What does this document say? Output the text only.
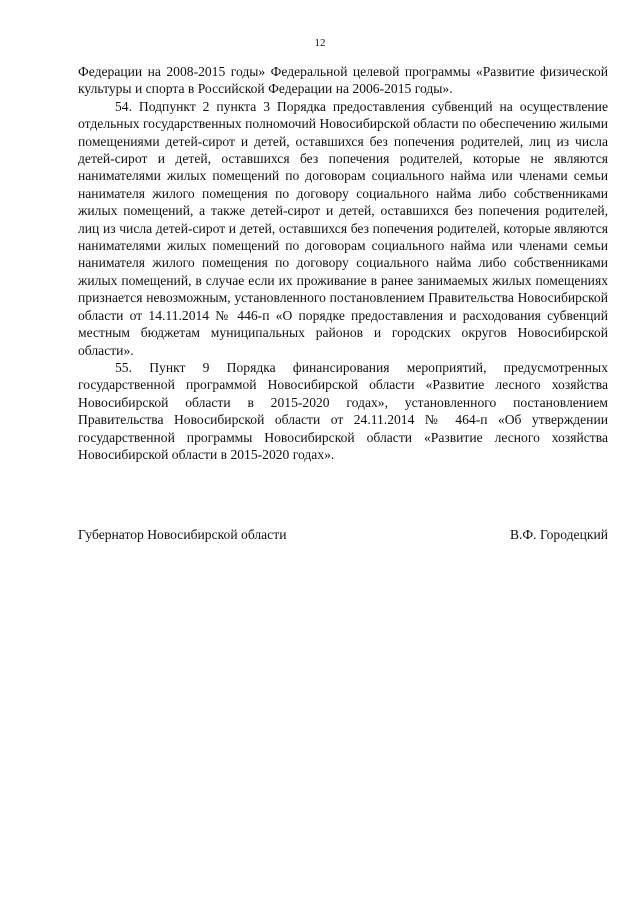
12

Федерации на 2008-2015 годы» Федеральной целевой программы «Развитие физической культуры и спорта в Российской Федерации на 2006-2015 годы».

54. Подпункт 2 пункта 3 Порядка предоставления субвенций на осуществление отдельных государственных полномочий Новосибирской области по обеспечению жилыми помещениями детей-сирот и детей, оставшихся без попечения родителей, лиц из числа детей-сирот и детей, оставшихся без попечения родителей, которые не являются нанимателями жилых помещений по договорам социального найма или членами семьи нанимателя жилого помещения по договору социального найма либо собственниками жилых помещений, а также детей-сирот и детей, оставшихся без попечения родителей, лиц из числа детей-сирот и детей, оставшихся без попечения родителей, которые являются нанимателями жилых помещений по договорам социального найма или членами семьи нанимателя жилого помещения по договору социального найма либо собственниками жилых помещений, в случае если их проживание в ранее занимаемых жилых помещениях признается невозможным, установленного постановлением Правительства Новосибирской области от 14.11.2014 № 446-п «О порядке предоставления и расходования субвенций местным бюджетам муниципальных районов и городских округов Новосибирской области».

55. Пункт 9 Порядка финансирования мероприятий, предусмотренных государственной программой Новосибирской области «Развитие лесного хозяйства Новосибирской области в 2015-2020 годах», установленного постановлением Правительства Новосибирской области от 24.11.2014 № 464-п «Об утверждении государственной программы Новосибирской области «Развитие лесного хозяйства Новосибирской области в 2015-2020 годах».

Губернатор Новосибирской области	В.Ф. Городецкий
